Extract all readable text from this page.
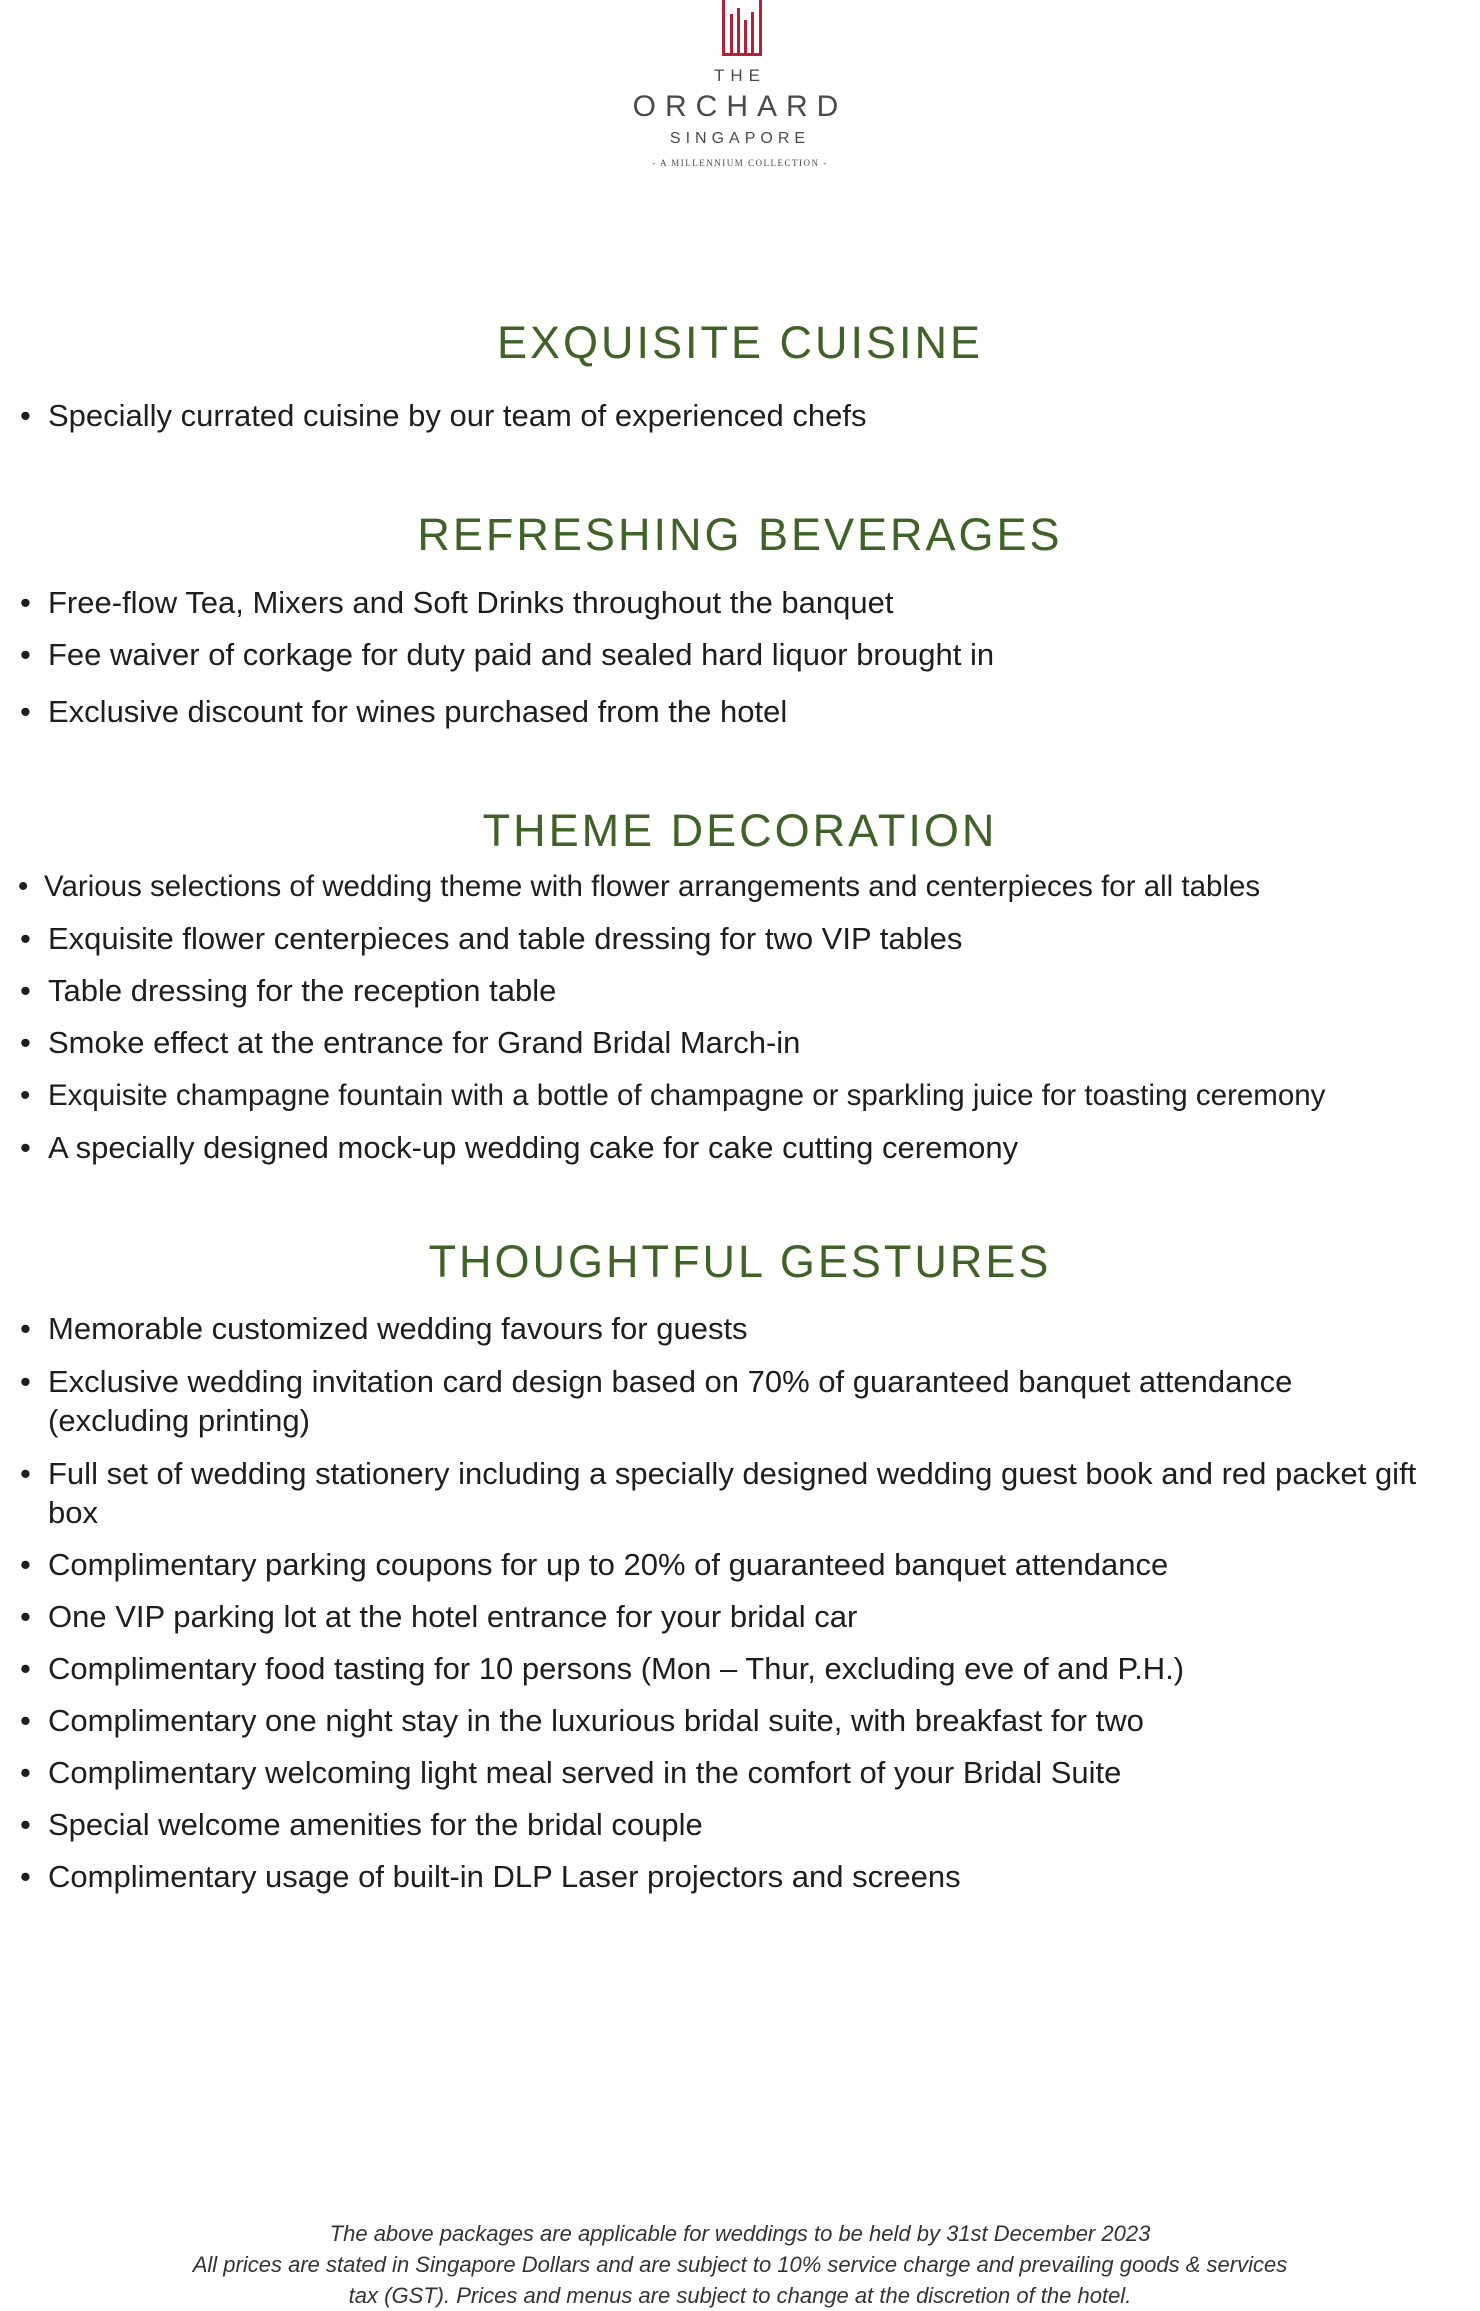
THE
ORCHARD
SINGAPORE
- A MILLENNIUM COLLECTION -
EXQUISITE CUISINE
• Specially currated cuisine by our team of experienced chefs
REFRESHING BEVERAGES
• Free-flow Tea, Mixers and Soft Drinks throughout the banquet
• Fee waiver of corkage for duty paid and sealed hard liquor brought in
• Exclusive discount for wines purchased from the hotel
THEME DECORATION
• Various selections of wedding theme with flower arrangements and centerpieces for all tables
• Exquisite flower centerpieces and table dressing for two VIP tables
• Table dressing for the reception table
• Smoke effect at the entrance for Grand Bridal March-in
• Exquisite champagne fountain with a bottle of champagne or sparkling juice for toasting ceremony
• A specially designed mock-up wedding cake for cake cutting ceremony
THOUGHTFUL GESTURES
• Memorable customized wedding favours for guests
• Exclusive wedding invitation card design based on 70% of guaranteed banquet attendance (excluding printing)
• Full set of wedding stationery including a specially designed wedding guest book and red packet gift box
• Complimentary parking coupons for up to 20% of guaranteed banquet attendance
• One VIP parking lot at the hotel entrance for your bridal car
• Complimentary food tasting for 10 persons (Mon – Thur, excluding eve of and P.H.)
• Complimentary one night stay in the luxurious bridal suite, with breakfast for two
• Complimentary welcoming light meal served in the comfort of your Bridal Suite
• Special welcome amenities for the bridal couple
• Complimentary usage of built-in DLP Laser projectors and screens
The above packages are applicable for weddings to be held by 31st December 2023
All prices are stated in Singapore Dollars and are subject to 10% service charge and prevailing goods & services
tax (GST). Prices and menus are subject to change at the discretion of the hotel.
